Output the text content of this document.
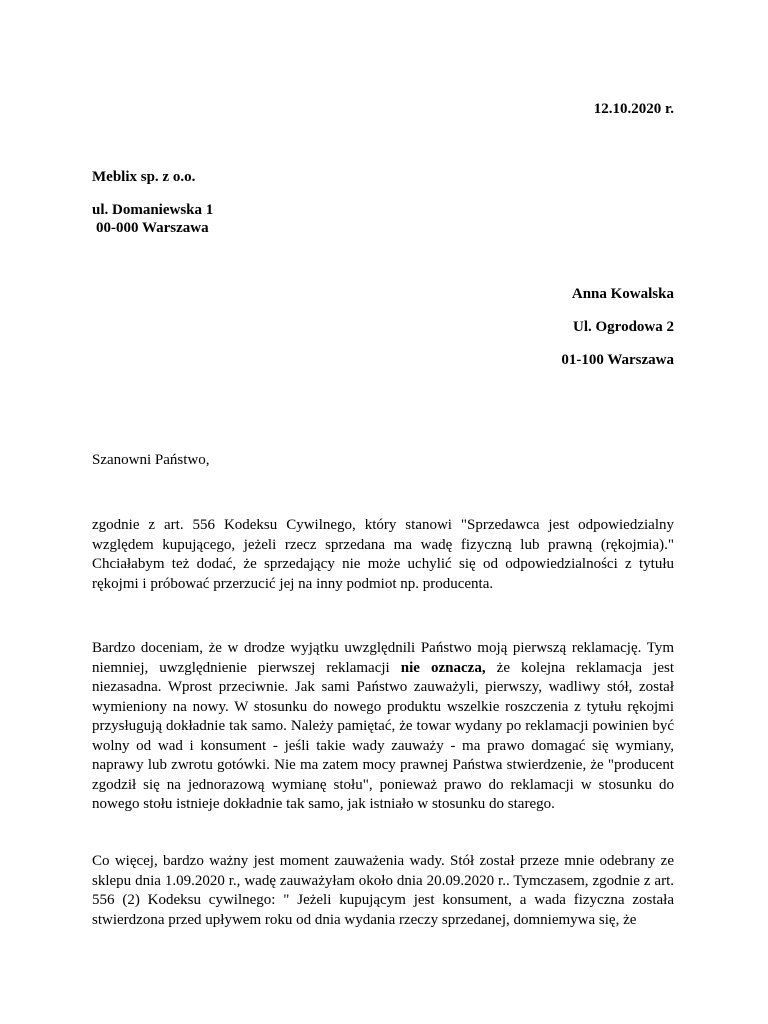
12.10.2020 r.
Meblix sp. z o.o.
ul. Domaniewska 1
00-000 Warszawa
Anna Kowalska
Ul. Ogrodowa 2
01-100 Warszawa
Szanowni Państwo,
zgodnie z art. 556 Kodeksu Cywilnego, który stanowi "Sprzedawca jest odpowiedzialny względem kupującego, jeżeli rzecz sprzedana ma wadę fizyczną lub prawną (rękojmia)." Chciałabym też dodać, że sprzedający nie może uchylić się od odpowiedzialności z tytułu rękojmi i próbować przerzucić jej na inny podmiot np. producenta.
Bardzo doceniam, że w drodze wyjątku uwzględnili Państwo moją pierwszą reklamację. Tym niemniej, uwzględnienie pierwszej reklamacji nie oznacza, że kolejna reklamacja jest niezasadna. Wprost przeciwnie. Jak sami Państwo zauważyli, pierwszy, wadliwy stół, został wymieniony na nowy. W stosunku do nowego produktu wszelkie roszczenia z tytułu rękojmi przysługują dokładnie tak samo. Należy pamiętać, że towar wydany po reklamacji powinien być wolny od wad i konsument - jeśli takie wady zauważy - ma prawo domagać się wymiany, naprawy lub zwrotu gotówki. Nie ma zatem mocy prawnej Państwa stwierdzenie, że "producent zgodził się na jednorazową wymianę stołu", ponieważ prawo do reklamacji w stosunku do nowego stołu istnieje dokładnie tak samo, jak istniało w stosunku do starego.
Co więcej, bardzo ważny jest moment zauważenia wady. Stół został przeze mnie odebrany ze sklepu dnia 1.09.2020 r., wadę zauważyłam około dnia 20.09.2020 r.. Tymczasem, zgodnie z art. 556 (2) Kodeksu cywilnego: " Jeżeli kupującym jest konsument, a wada fizyczna została stwierdzona przed upływem roku od dnia wydania rzeczy sprzedanej, domniemywa się, że
